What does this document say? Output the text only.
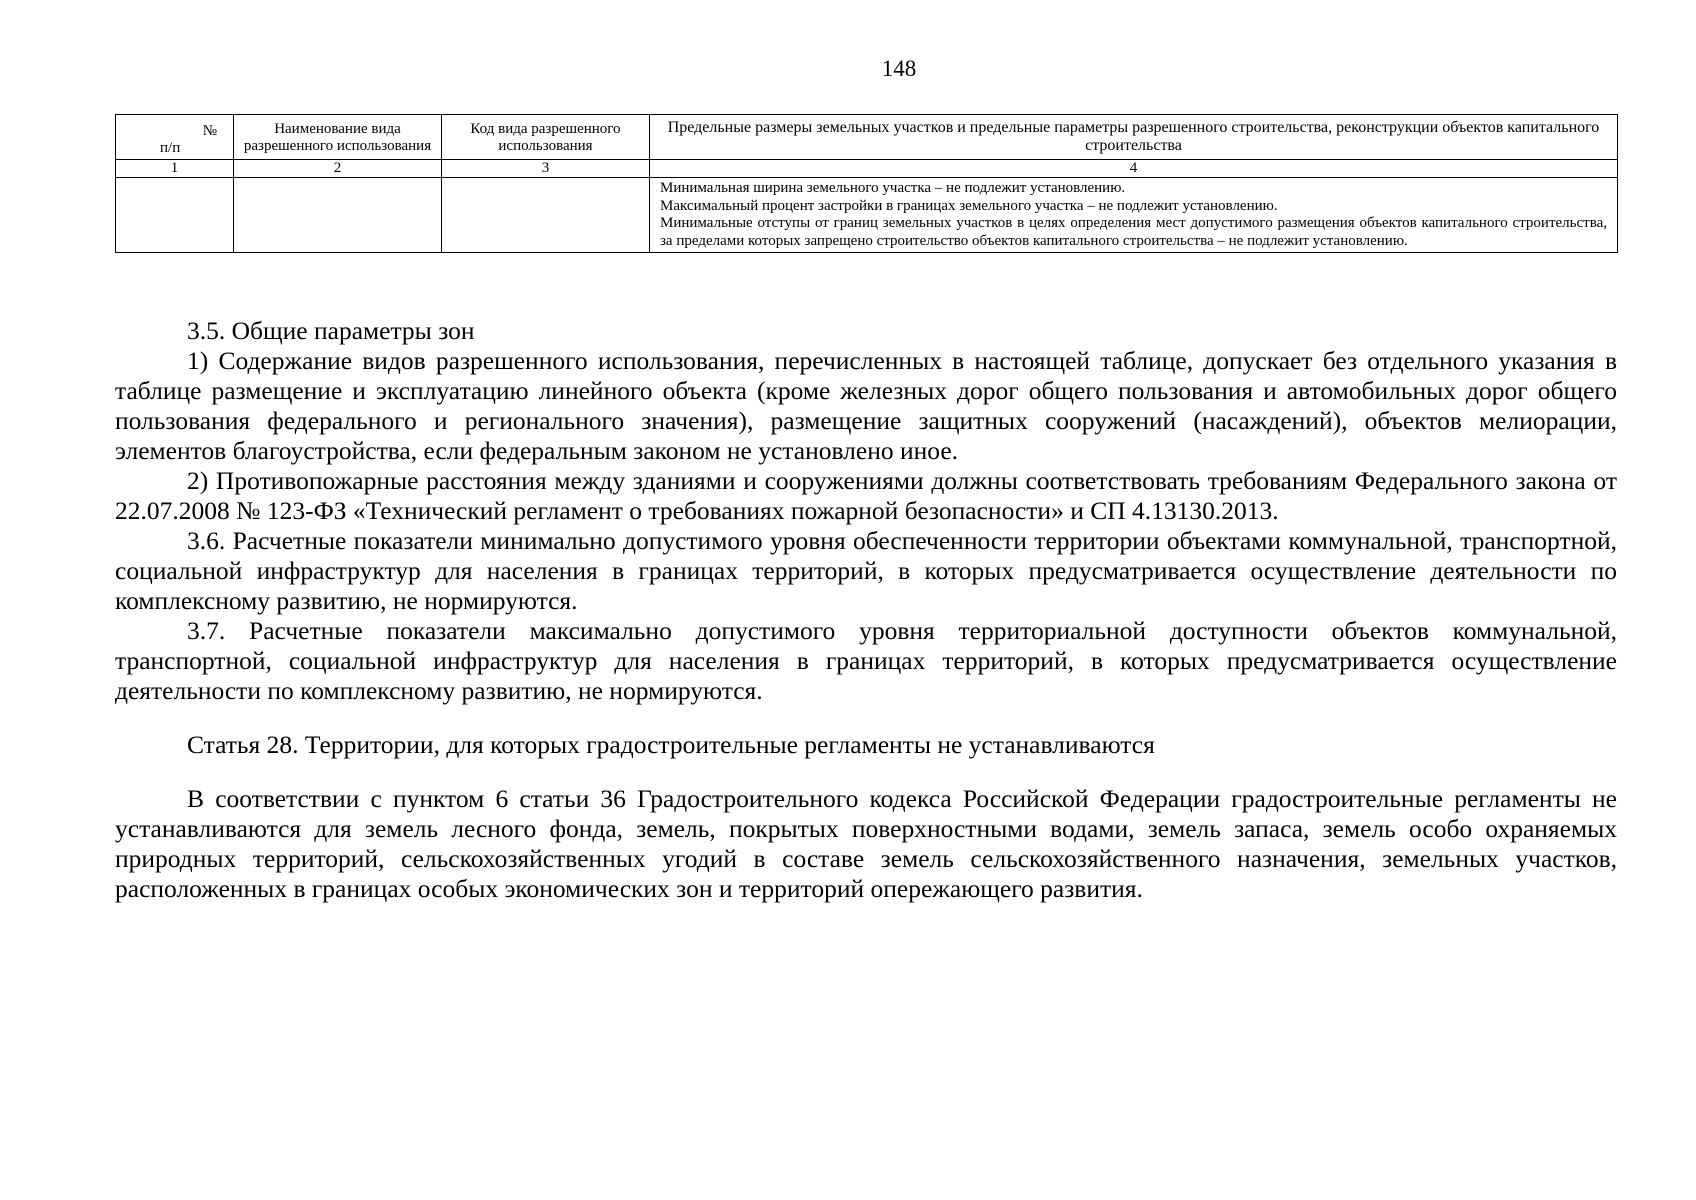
148
№
п/п	Наименование вида разрешенного использования	Код вида разрешенного использования	Предельные размеры земельных участков и предельные параметры разрешенного строительства, реконструкции объектов капитального строительства
1	2	3	4

			Минимальная ширина земельного участка – не подлежит установлению.
Максимальный процент застройки в границах земельного участка – не подлежит установлению.
Минимальные отступы от границ земельных участков в целях определения мест допустимого размещения объектов капитального строительства, за пределами которых запрещено строительство объектов капитального строительства – не подлежит установлению.

3.5. Общие параметры зон

1) Содержание видов разрешенного использования, перечисленных в настоящей таблице, допускает без отдельного указания в таблице размещение и эксплуатацию линейного объекта (кроме железных дорог общего пользования и автомобильных дорог общего пользования федерального и регионального значения), размещение защитных сооружений (насаждений), объектов мелиорации, элементов благоустройства, если федеральным законом не установлено иное.

2) Противопожарные расстояния между зданиями и сооружениями должны соответствовать требованиям Федерального закона от 22.07.2008 № 123-ФЗ «Технический регламент о требованиях пожарной безопасности» и СП 4.13130.2013.

3.6. Расчетные показатели минимально допустимого уровня обеспеченности территории объектами коммунальной, транспортной, социальной инфраструктур для населения в границах территорий, в которых предусматривается осуществление деятельности по комплексному развитию, не нормируются.

3.7. Расчетные показатели максимально допустимого уровня территориальной доступности объектов коммунальной, транспортной, социальной инфраструктур для населения в границах территорий, в которых предусматривается осуществление деятельности по комплексному развитию, не нормируются.

Статья 28. Территории, для которых градостроительные регламенты не устанавливаются

В соответствии с пунктом 6 статьи 36 Градостроительного кодекса Российской Федерации градостроительные регламенты не устанавливаются для земель лесного фонда, земель, покрытых поверхностными водами, земель запаса, земель особо охраняемых природных территорий, сельскохозяйственных угодий в составе земель сельскохозяйственного назначения, земельных участков, расположенных в границах особых экономических зон и территорий опережающего развития.
